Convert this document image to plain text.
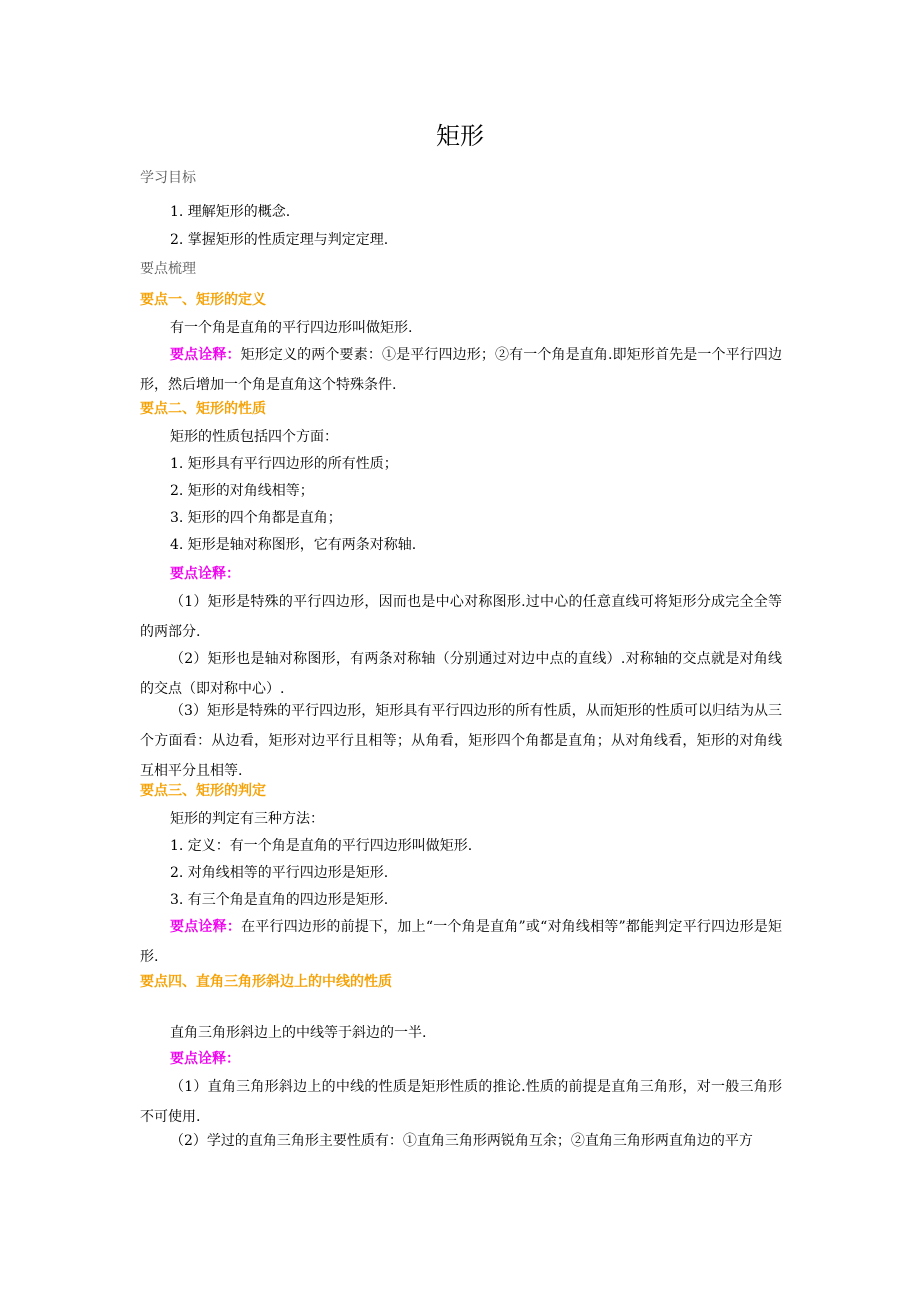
矩形
学习目标
1. 理解矩形的概念.
2. 掌握矩形的性质定理与判定定理.
要点梳理
要点一、矩形的定义
有一个角是直角的平行四边形叫做矩形.
要点诠释：矩形定义的两个要素：①是平行四边形；②有一个角是直角.即矩形首先是一个平行四边形，然后增加一个角是直角这个特殊条件.
要点二、矩形的性质
矩形的性质包括四个方面：
1. 矩形具有平行四边形的所有性质；
2. 矩形的对角线相等；
3. 矩形的四个角都是直角；
4. 矩形是轴对称图形，它有两条对称轴.
要点诠释：
（1）矩形是特殊的平行四边形，因而也是中心对称图形.过中心的任意直线可将矩形分成完全全等的两部分.
（2）矩形也是轴对称图形，有两条对称轴（分别通过对边中点的直线）.对称轴的交点就是对角线的交点（即对称中心）.
（3）矩形是特殊的平行四边形，矩形具有平行四边形的所有性质，从而矩形的性质可以归结为从三个方面看：从边看，矩形对边平行且相等；从角看，矩形四个角都是直角；从对角线看，矩形的对角线互相平分且相等.
要点三、矩形的判定
矩形的判定有三种方法：
1. 定义：有一个角是直角的平行四边形叫做矩形.
2. 对角线相等的平行四边形是矩形.
3. 有三个角是直角的四边形是矩形.
要点诠释：在平行四边形的前提下，加上“一个角是直角”或“对角线相等”都能判定平行四边形是矩形.
要点四、直角三角形斜边上的中线的性质
直角三角形斜边上的中线等于斜边的一半.
要点诠释：
（1）直角三角形斜边上的中线的性质是矩形性质的推论.性质的前提是直角三角形，对一般三角形不可使用.
（2）学过的直角三角形主要性质有：①直角三角形两锐角互余；②直角三角形两直角边的平方
